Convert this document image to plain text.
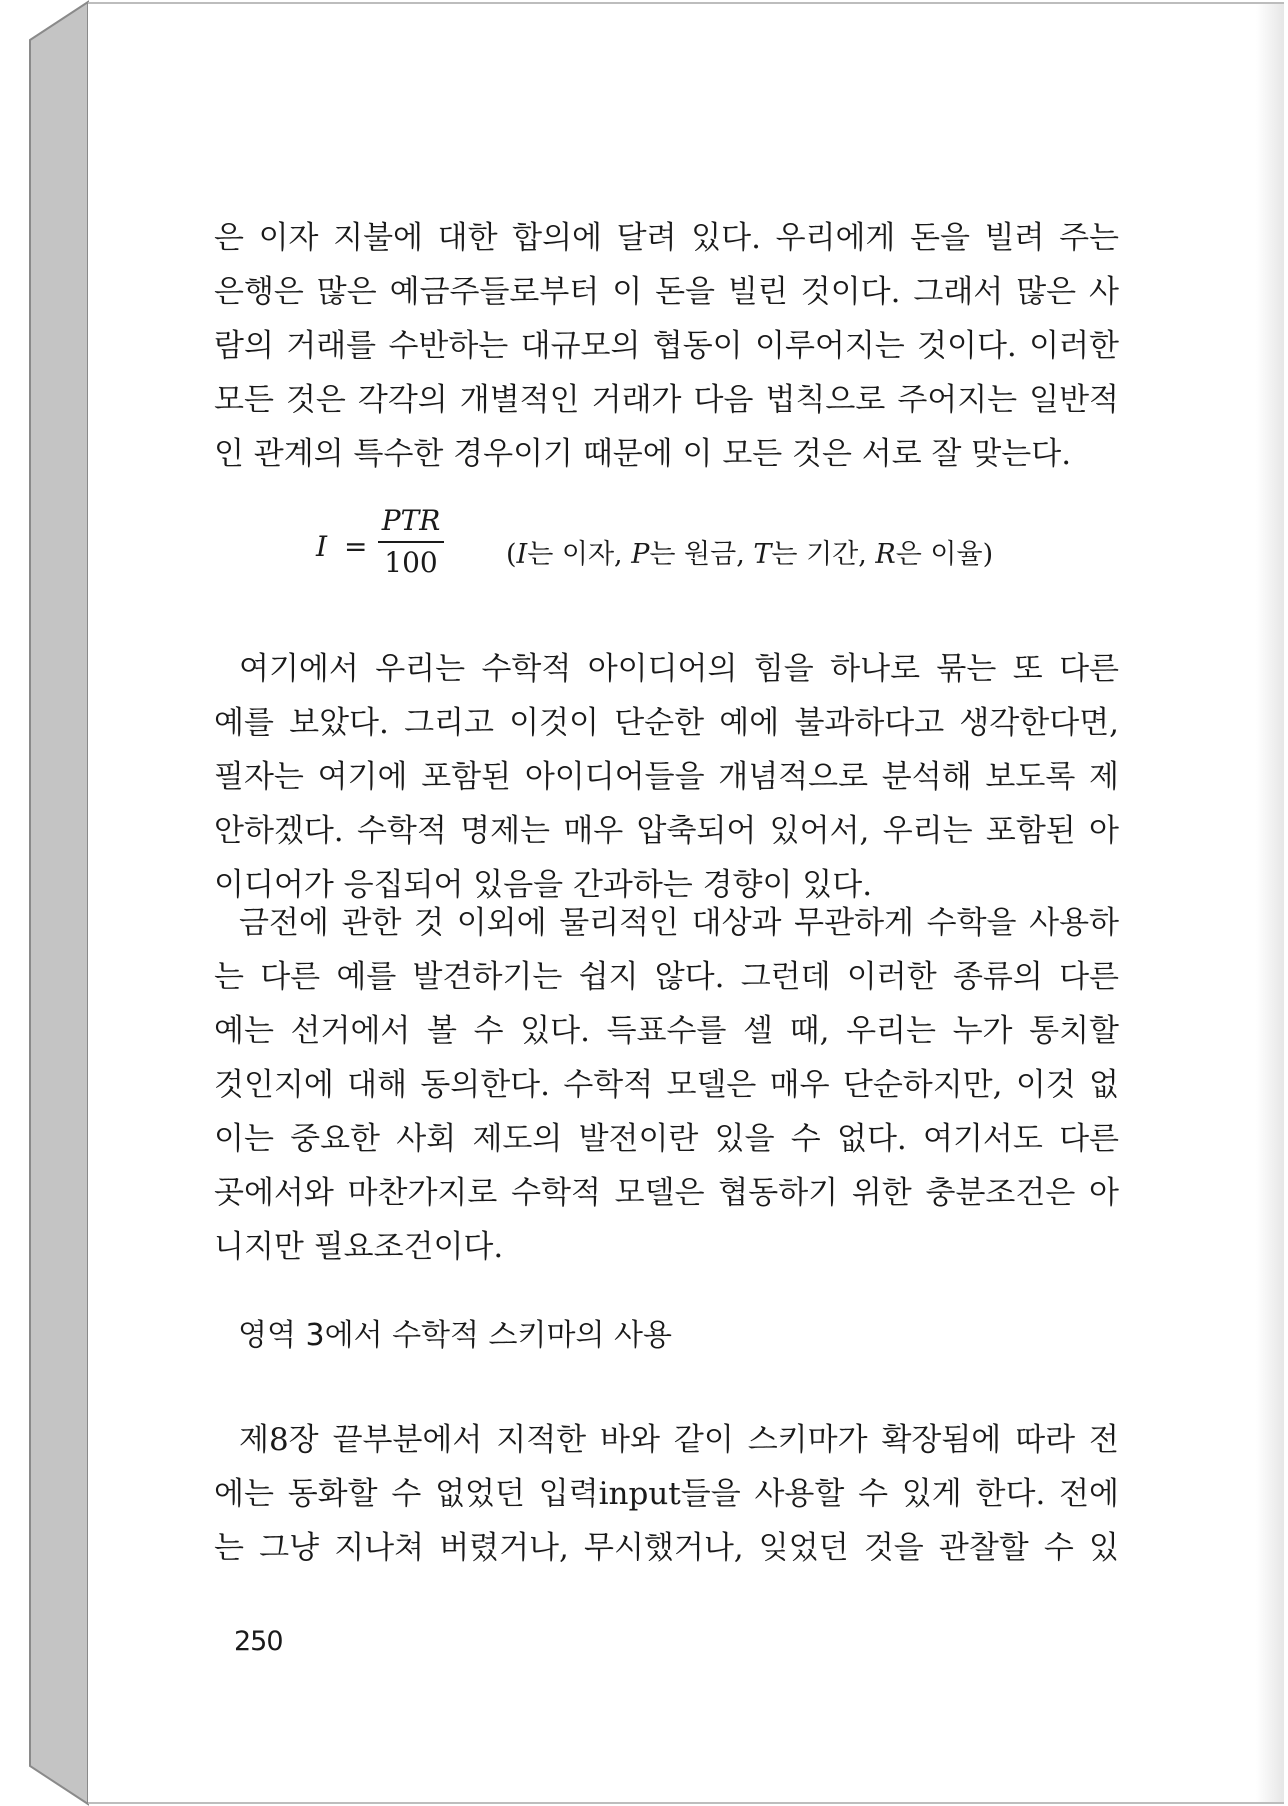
은 이자 지불에 대한 합의에 달려 있다. 우리에게 돈을 빌려 주는
은행은 많은 예금주들로부터 이 돈을 빌린 것이다. 그래서 많은 사
람의 거래를 수반하는 대규모의 협동이 이루어지는 것이다. 이러한
모든 것은 각각의 개별적인 거래가 다음 법칙으로 주어지는 일반적
인 관계의 특수한 경우이기 때문에 이 모든 것은 서로 잘 맞는다.
I =
PTR
100	(I는 이자, P는 원금, T는 기간, R은 이율)
여기에서 우리는 수학적 아이디어의 힘을 하나로 묶는 또 다른
예를 보았다. 그리고 이것이 단순한 예에 불과하다고 생각한다면,
필자는 여기에 포함된 아이디어들을 개념적으로 분석해 보도록 제
안하겠다. 수학적 명제는 매우 압축되어 있어서, 우리는 포함된 아
이디어가 응집되어 있음을 간과하는 경향이 있다.
금전에 관한 것 이외에 물리적인 대상과 무관하게 수학을 사용하
는 다른 예를 발견하기는 쉽지 않다. 그런데 이러한 종류의 다른
예는 선거에서 볼 수 있다. 득표수를 셀 때, 우리는 누가 통치할
것인지에 대해 동의한다. 수학적 모델은 매우 단순하지만, 이것 없
이는 중요한 사회 제도의 발전이란 있을 수 없다. 여기서도 다른
곳에서와 마찬가지로 수학적 모델은 협동하기 위한 충분조건은 아
니지만 필요조건이다.
영역 3에서 수학적 스키마의 사용
제8장 끝부분에서 지적한 바와 같이 스키마가 확장됨에 따라 전
에는 동화할 수 없었던 입력input들을 사용할 수 있게 한다. 전에
는 그냥 지나쳐 버렸거나, 무시했거나, 잊었던 것을 관찰할 수 있
250
